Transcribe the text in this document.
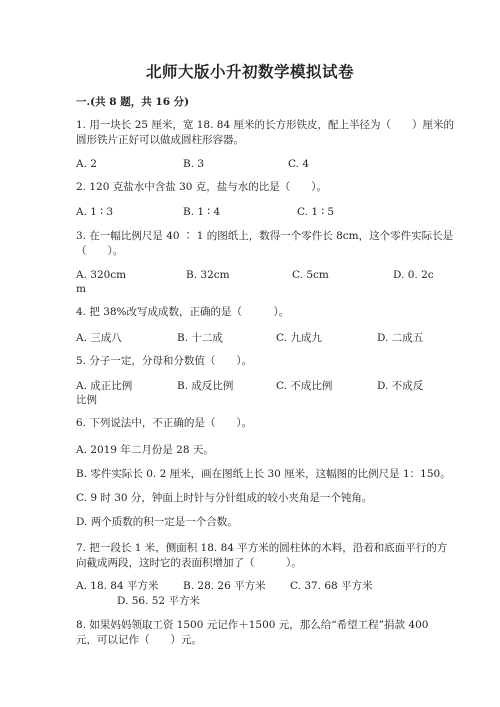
北师大版小升初数学模拟试卷
一.(共 8 题，共 16 分)
1. 用一块长 25 厘米，宽 18. 84 厘米的长方形铁皮，配上半径为（　　）厘米的
圆形铁片正好可以做成圆柱形容器。
A. 2	B. 3	C. 4
2. 120 克盐水中含盐 30 克，盐与水的比是（　　）。
A. 1 ∶ 3	B. 1 ∶ 4	C. 1 ∶ 5
3. 在一幅比例尺是 40 ∶ 1 的图纸上，数得一个零件长 8cm，这个零件实际长是
（　　）。
A. 320cm	B. 32cm	C. 5cm	D. 0. 2c
m
4. 把 38%改写成成数，正确的是（　　　）。
A. 三成八	B. 十二成	C. 九成九	D. 二成五
5. 分子一定，分母和分数值（　　）。
A. 成正比例	B. 成反比例	C. 不成比例	D. 不成反
比例
6. 下列说法中，不正确的是（　　）。
A. 2019 年二月份是 28 天。
B. 零件实际长 0. 2 厘米，画在图纸上长 30 厘米，这幅图的比例尺是 1：150。
C. 9 时 30 分，钟面上时针与分针组成的较小夹角是一个钝角。
D. 两个质数的积一定是一个合数。
7. 把一段长 1 米，侧面积 18. 84 平方米的圆柱体的木料，沿着和底面平行的方
向截成两段，这时它的表面积增加了（　　　）。
A. 18. 84 平方米 B. 28. 26 平方米 C. 37. 68 平方米
D. 56. 52 平方米
8. 如果妈妈领取工资 1500 元记作＋1500 元，那么给“希望工程”捐款 400
元，可以记作（　　）元。
